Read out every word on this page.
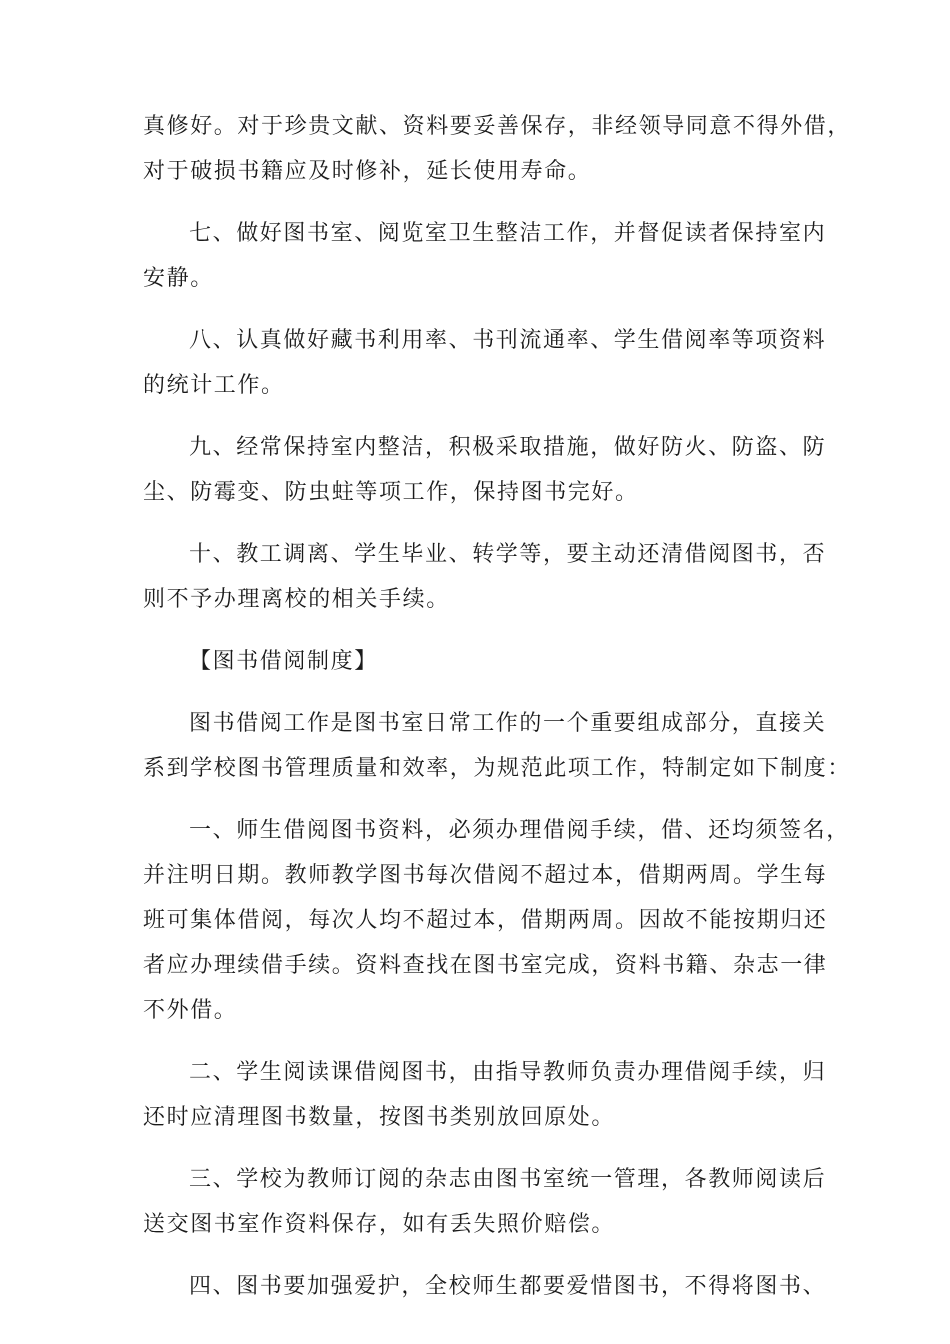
真修好。对于珍贵文献、资料要妥善保存，非经领导同意不得外借，
对于破损书籍应及时修补，延长使用寿命。
七、做好图书室、阅览室卫生整洁工作，并督促读者保持室内
安静。
八、认真做好藏书利用率、书刊流通率、学生借阅率等项资料
的统计工作。
九、经常保持室内整洁，积极采取措施，做好防火、防盗、防
尘、防霉变、防虫蛀等项工作，保持图书完好。
十、教工调离、学生毕业、转学等，要主动还清借阅图书，否
则不予办理离校的相关手续。
【图书借阅制度】
图书借阅工作是图书室日常工作的一个重要组成部分，直接关
系到学校图书管理质量和效率，为规范此项工作，特制定如下制度：
一、师生借阅图书资料，必须办理借阅手续，借、还均须签名，
并注明日期。教师教学图书每次借阅不超过本，借期两周。学生每
班可集体借阅，每次人均不超过本，借期两周。因故不能按期归还
者应办理续借手续。资料查找在图书室完成，资料书籍、杂志一律
不外借。
二、学生阅读课借阅图书，由指导教师负责办理借阅手续，归
还时应清理图书数量，按图书类别放回原处。
三、学校为教师订阅的杂志由图书室统一管理，各教师阅读后
送交图书室作资料保存，如有丢失照价赔偿。
四、图书要加强爱护，全校师生都要爱惜图书，不得将图书、
